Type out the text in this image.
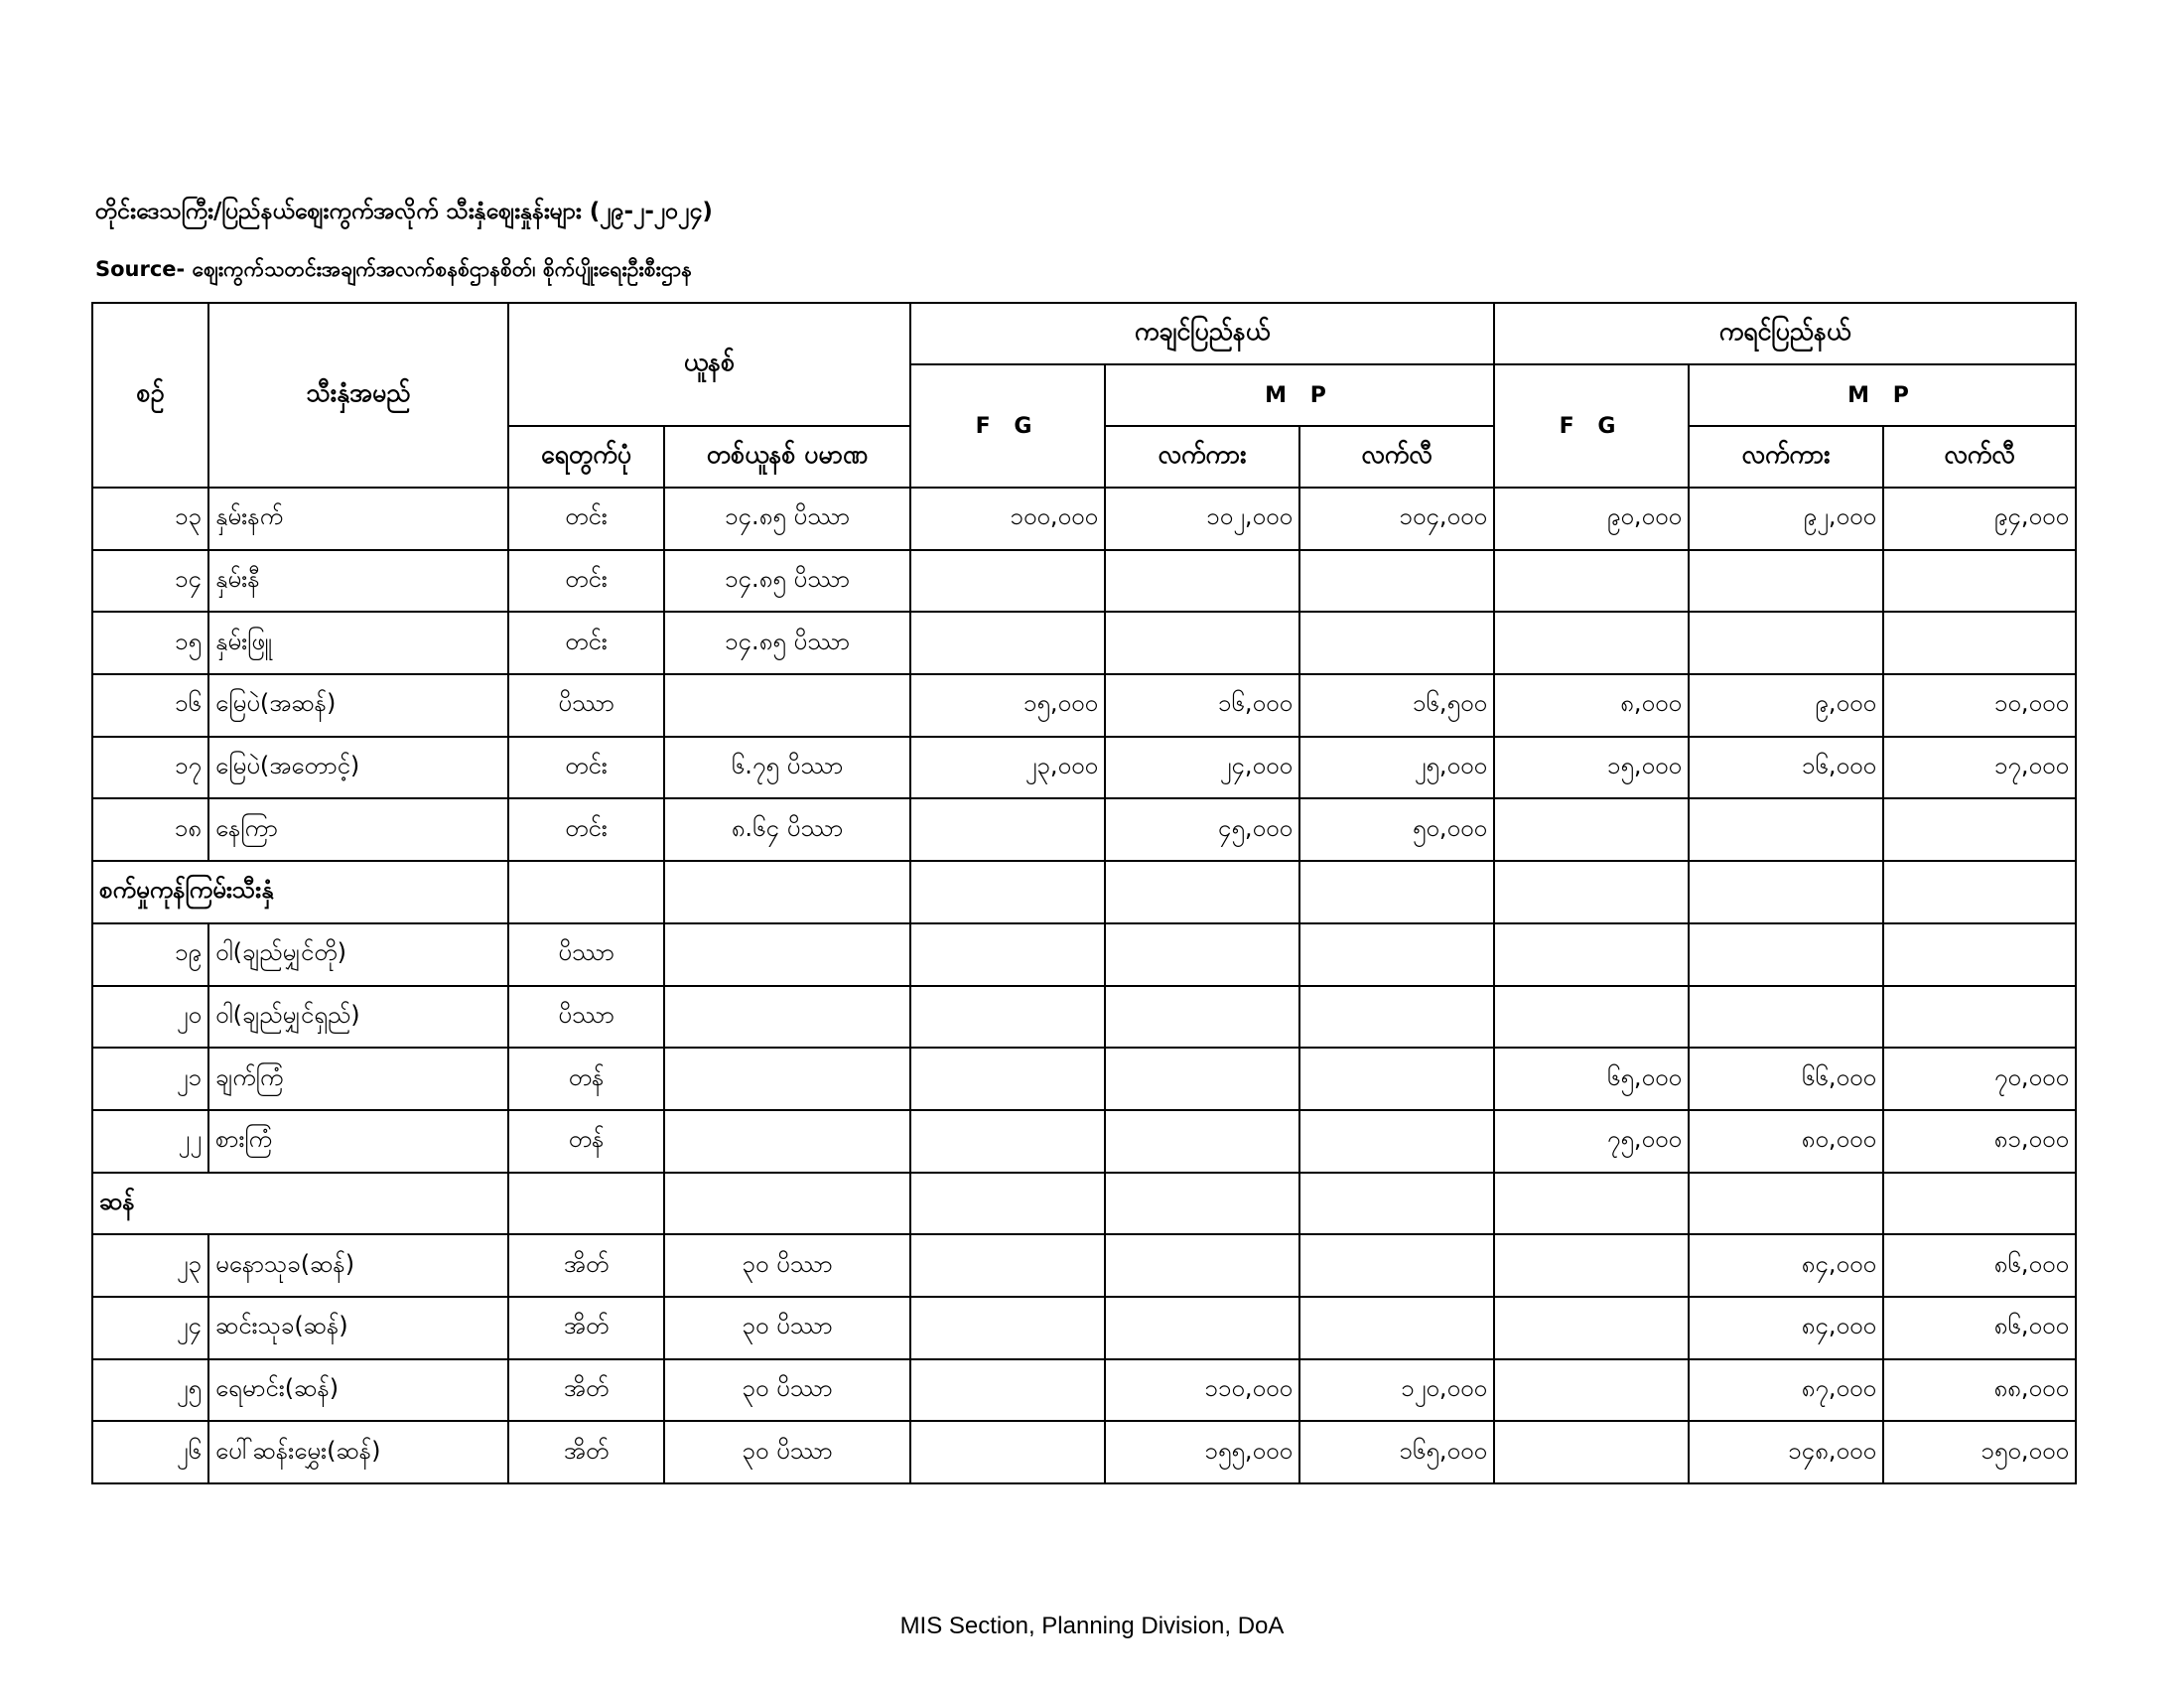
တိုင်းဒေသကြီး/ပြည်နယ်ဈေးကွက်အလိုက် သီးနှံဈေးနှုန်းများ (၂၉-၂-၂၀၂၄)
Source- ဈေးကွက်သတင်းအချက်အလက်စနစ်ဌာနစိတ်၊ စိုက်ပျိုးရေးဦးစီးဌာန
စဉ်	သီးနှံအမည်	ယူနစ်		ကချင်ပြည်နယ်			ကရင်ပြည်နယ်		
				F G	M P		F G	M P	
		ရေတွက်ပုံ	တစ်ယူနစ် ပမာဏ		လက်ကား	လက်လီ		လက်ကား	လက်လီ
၁၃	နှမ်းနက်	တင်း	၁၄.၈၅ ပိဿာ	၁၀၀,၀၀၀	၁၀၂,၀၀၀	၁၀၄,၀၀၀	၉၀,၀၀၀	၉၂,၀၀၀	၉၄,၀၀၀
၁၄	နှမ်းနီ	တင်း	၁၄.၈၅ ပိဿာ						
၁၅	နှမ်းဖြူ	တင်း	၁၄.၈၅ ပိဿာ						
၁၆	မြေပဲ(အဆန်)	ပိဿာ		၁၅,၀၀၀	၁၆,၀၀၀	၁၆,၅၀၀	၈,၀၀၀	၉,၀၀၀	၁၀,၀၀၀
၁၇	မြေပဲ(အတောင့်)	တင်း	၆.၇၅ ပိဿာ	၂၃,၀၀၀	၂၄,၀၀၀	၂၅,၀၀၀	၁၅,၀၀၀	၁၆,၀၀၀	၁၇,၀၀၀
၁၈	နေကြာ	တင်း	၈.၆၄ ပိဿာ		၄၅,၀၀၀	၅၀,၀၀၀			
စက်မှုကုန်ကြမ်းသီးနှံ									
၁၉	ဝါ(ချည်မျှင်တို)	ပိဿာ							
၂၀	ဝါ(ချည်မျှင်ရှည်)	ပိဿာ							
၂၁	ချက်ကြံ	တန်					၆၅,၀၀၀	၆၆,၀၀၀	၇၀,၀၀၀
၂၂	စားကြံ	တန်					၇၅,၀၀၀	၈၀,၀၀၀	၈၁,၀၀၀
ဆန်									
၂၃	မနောသုခ(ဆန်)	အိတ်	၃၀ ပိဿာ					၈၄,၀၀၀	၈၆,၀၀၀
၂၄	ဆင်းသုခ(ဆန်)	အိတ်	၃၀ ပိဿာ					၈၄,၀၀၀	၈၆,၀၀၀
၂၅	ရေမာင်း(ဆန်)	အိတ်	၃၀ ပိဿာ		၁၁၀,၀၀၀	၁၂၀,၀၀၀		၈၇,၀၀၀	၈၈,၀၀၀
၂၆	ပေါ်ဆန်းမွှေး(ဆန်)	အိတ်	၃၀ ပိဿာ		၁၅၅,၀၀၀	၁၆၅,၀၀၀		၁၄၈,၀၀၀	၁၅၀,၀၀၀
MIS Section, Planning Division, DoA
